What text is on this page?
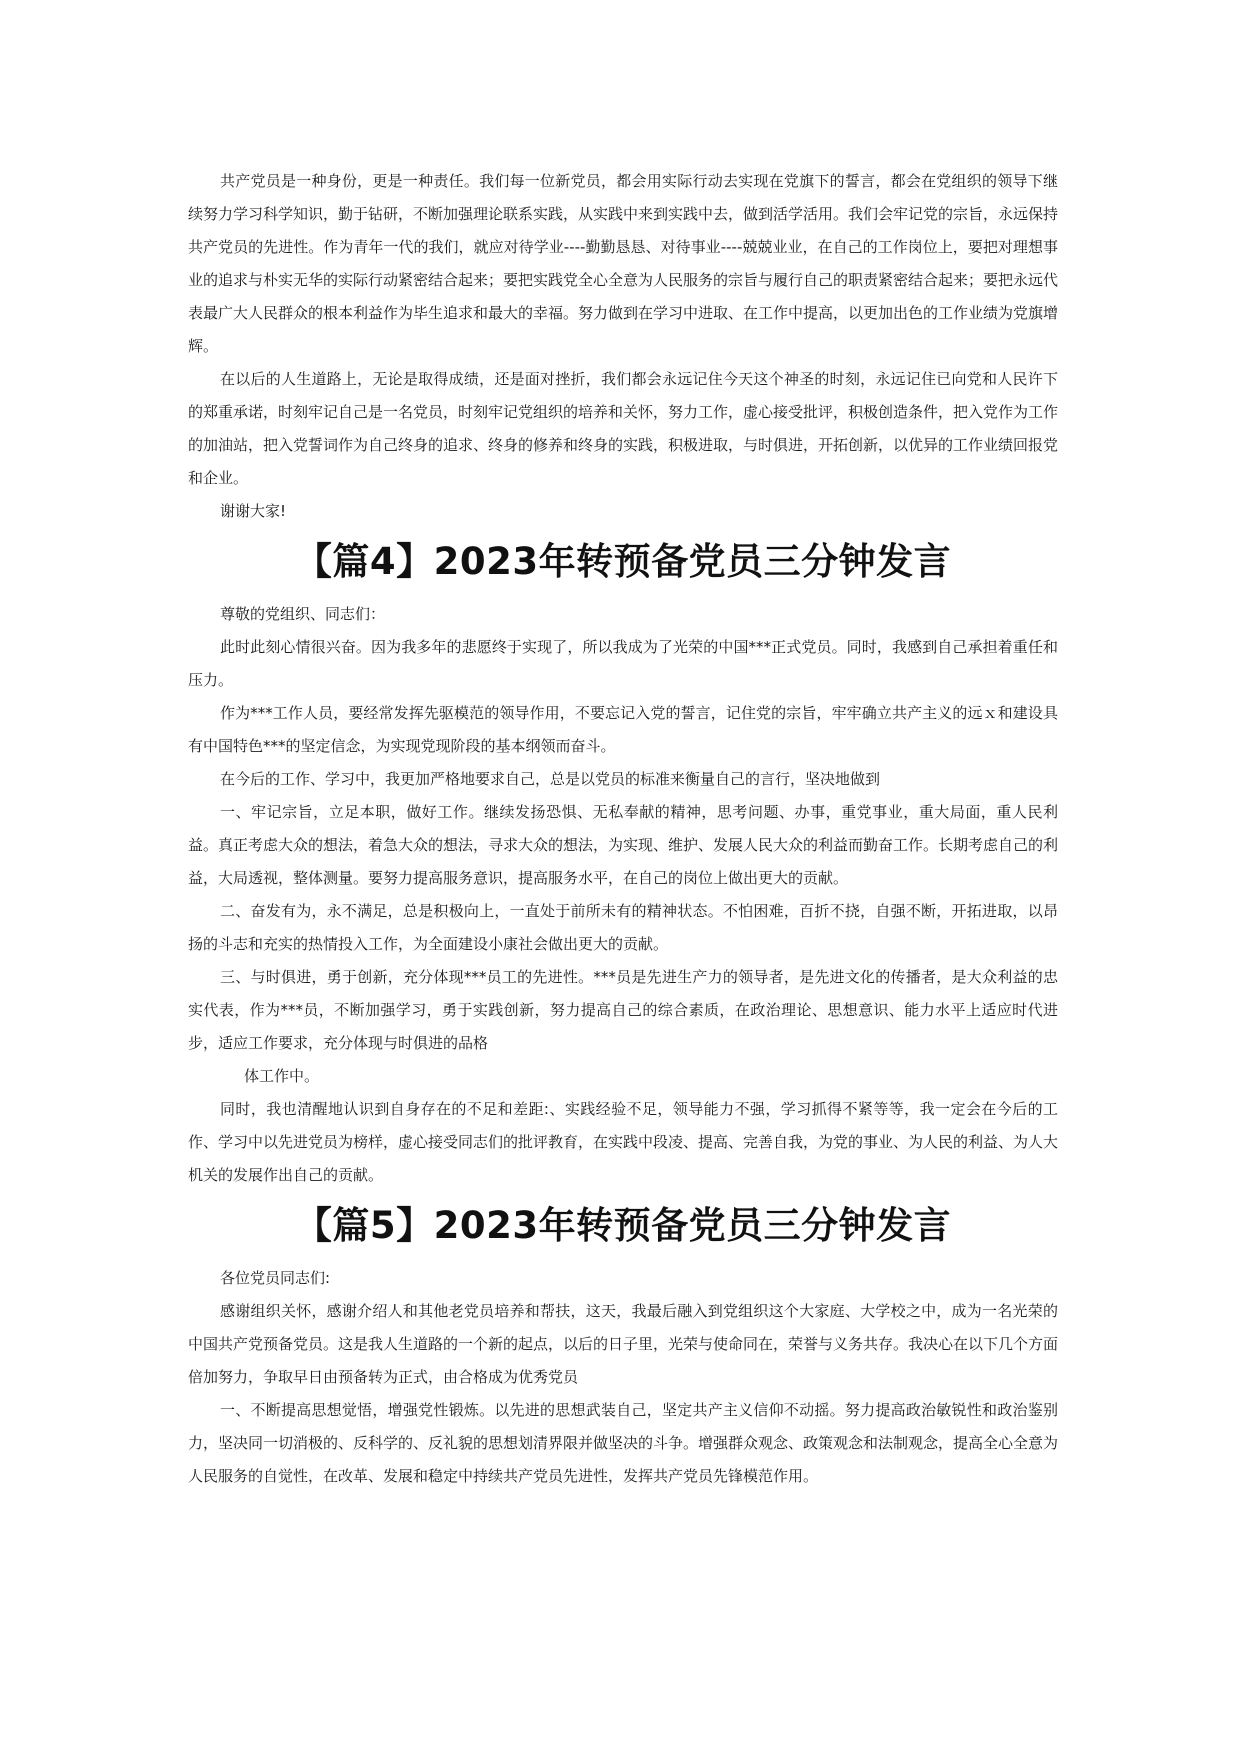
共产党员是一种身份，更是一种责任。我们每一位新党员，都会用实际行动去实现在党旗下的誓言，都会在党组织的领导下继续努力学习科学知识，勤于钻研，不断加强理论联系实践，从实践中来到实践中去，做到活学活用。我们会牢记党的宗旨，永远保持共产党员的先进性。作为青年一代的我们，就应对待学业----勤勤恳恳、对待事业----兢兢业业，在自己的工作岗位上，要把对理想事业的追求与朴实无华的实际行动紧密结合起来；要把实践党全心全意为人民服务的宗旨与履行自己的职责紧密结合起来；要把永远代表最广大人民群众的根本利益作为毕生追求和最大的幸福。努力做到在学习中进取、在工作中提高，以更加出色的工作业绩为党旗增辉。

在以后的人生道路上，无论是取得成绩，还是面对挫折，我们都会永远记住今天这个神圣的时刻，永远记住已向党和人民许下的郑重承诺，时刻牢记自己是一名党员，时刻牢记党组织的培养和关怀，努力工作，虚心接受批评，积极创造条件，把入党作为工作的加油站，把入党誓词作为自己终身的追求、终身的修养和终身的实践，积极进取，与时俱进，开拓创新，以优异的工作业绩回报党和企业。

谢谢大家!

【篇4】2023年转预备党员三分钟发言

尊敬的党组织、同志们：

此时此刻心情很兴奋。因为我多年的悲愿终于实现了，所以我成为了光荣的中国***正式党员。同时，我感到自己承担着重任和压力。

作为***工作人员，要经常发挥先驱模范的领导作用，不要忘记入党的誓言，记住党的宗旨，牢牢确立共产主义的远ｘ和建设具有中国特色***的坚定信念，为实现党现阶段的基本纲领而奋斗。

在今后的工作、学习中，我更加严格地要求自己，总是以党员的标准来衡量自己的言行，坚决地做到

一、牢记宗旨，立足本职，做好工作。继续发扬恐惧、无私奉献的精神，思考问题、办事，重党事业，重大局面，重人民利益。真正考虑大众的想法，着急大众的想法，寻求大众的想法，为实现、维护、发展人民大众的利益而勤奋工作。长期考虑自己的利益，大局透视，整体测量。要努力提高服务意识，提高服务水平，在自己的岗位上做出更大的贡献。

二、奋发有为，永不满足，总是积极向上，一直处于前所未有的精神状态。不怕困难，百折不挠，自强不断，开拓进取，以昂扬的斗志和充实的热情投入工作，为全面建设小康社会做出更大的贡献。

三、与时俱进，勇于创新，充分体现***员工的先进性。***员是先进生产力的领导者，是先进文化的传播者，是大众利益的忠实代表，作为***员，不断加强学习，勇于实践创新，努力提高自己的综合素质，在政治理论、思想意识、能力水平上适应时代进步，适应工作要求，充分体现与时俱进的品格

体工作中。

同时，我也清醒地认识到自身存在的不足和差距:、实践经验不足，领导能力不强，学习抓得不紧等等，我一定会在今后的工作、学习中以先进党员为榜样，虚心接受同志们的批评教育，在实践中段凌、提高、完善自我，为党的事业、为人民的利益、为人大机关的发展作出自己的贡献。

【篇5】2023年转预备党员三分钟发言

各位党员同志们:

感谢组织关怀，感谢介绍人和其他老党员培养和帮扶，这天，我最后融入到党组织这个大家庭、大学校之中，成为一名光荣的中国共产党预备党员。这是我人生道路的一个新的起点，以后的日子里，光荣与使命同在，荣誉与义务共存。我决心在以下几个方面倍加努力，争取早日由预备转为正式，由合格成为优秀党员

一、不断提高思想觉悟，增强党性锻炼。以先进的思想武装自己，坚定共产主义信仰不动摇。努力提高政治敏锐性和政治鉴别力，坚决同一切消极的、反科学的、反礼貌的思想划清界限并做坚决的斗争。增强群众观念、政策观念和法制观念，提高全心全意为人民服务的自觉性，在改革、发展和稳定中持续共产党员先进性，发挥共产党员先锋模范作用。
